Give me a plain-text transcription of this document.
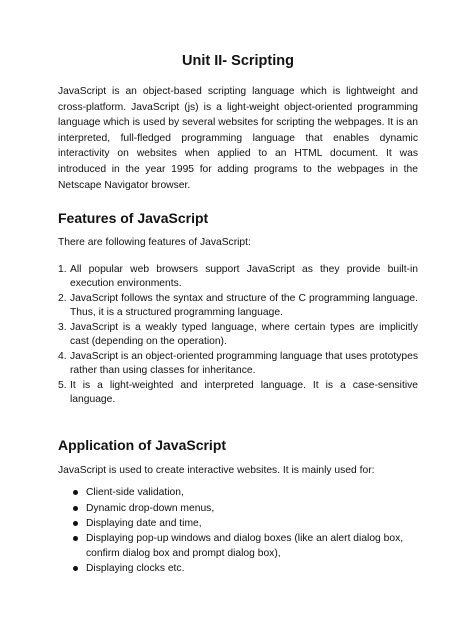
Unit II- Scripting

JavaScript is an object-based scripting language which is lightweight and cross-platform. JavaScript (js) is a light-weight object-oriented programming language which is used by several websites for scripting the webpages. It is an interpreted, full-fledged programming language that enables dynamic interactivity on websites when applied to an HTML document. It was introduced in the year 1995 for adding programs to the webpages in the Netscape Navigator browser.

Features of JavaScript

There are following features of JavaScript:

1. All popular web browsers support JavaScript as they provide built-in execution environments.
2. JavaScript follows the syntax and structure of the C programming language. Thus, it is a structured programming language.
3. JavaScript is a weakly typed language, where certain types are implicitly cast (depending on the operation).
4. JavaScript is an object-oriented programming language that uses prototypes rather than using classes for inheritance.
5. It is a light-weighted and interpreted language. It is a case-sensitive language.
Application of JavaScript

JavaScript is used to create interactive websites. It is mainly used for:

Client-side validation,
Dynamic drop-down menus,
Displaying date and time,
Displaying pop-up windows and dialog boxes (like an alert dialog box, confirm dialog box and prompt dialog box),
Displaying clocks etc.
